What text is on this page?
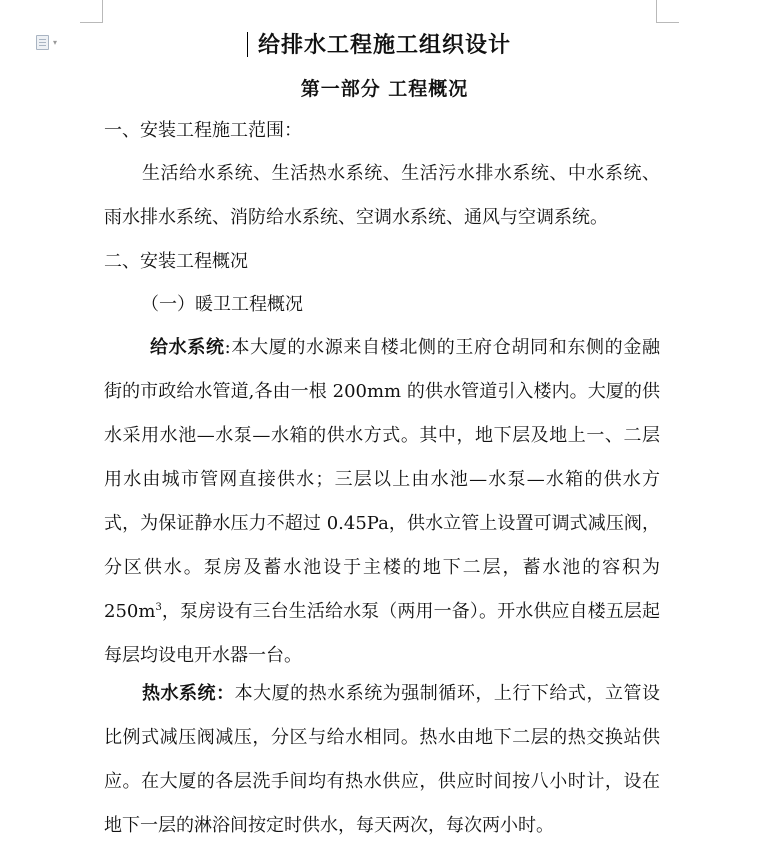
▾	给排水工程施工组织设计
第一部分 工程概况
一、安装工程施工范围：
生活给水系统、生活热水系统、生活污水排水系统、中水系统、雨水排水系统、消防给水系统、空调水系统、通风与空调系统。
二、安装工程概况
（一）暖卫工程概况
给水系统:本大厦的水源来自楼北侧的王府仓胡同和东侧的金融街的市政给水管道,各由一根 200mm 的供水管道引入楼内。大厦的供水采用水池—水泵—水箱的供水方式。其中，地下层及地上一、二层用水由城市管网直接供水；三层以上由水池—水泵—水箱的供水方式，为保证静水压力不超过 0.45Pa，供水立管上设置可调式减压阀，分区供水。泵房及蓄水池设于主楼的地下二层，蓄水池的容积为 $250m^3$，泵房设有三台生活给水泵（两用一备）。开水供应自楼五层起每层均设电开水器一台。
热水系统：本大厦的热水系统为强制循环，上行下给式，立管设比例式减压阀减压，分区与给水相同。热水由地下二层的热交换站供应。在大厦的各层洗手间均有热水供应，供应时间按八小时计，设在地下一层的淋浴间按定时供水，每天两次，每次两小时。
